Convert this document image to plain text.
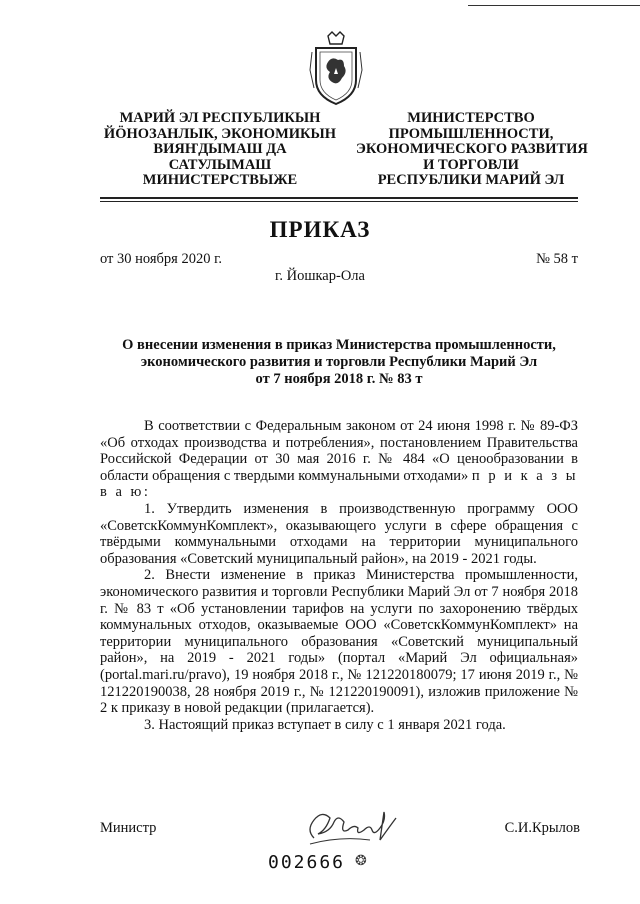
МАРИЙ ЭЛ РЕСПУБЛИКЫН
ЙӦНОЗАНЛЫК, ЭКОНОМИКЫН
ВИЯҤДЫМАШ ДА
САТУЛЫМАШ
МИНИСТЕРСТВЫЖЕ
МИНИСТЕРСТВО
ПРОМЫШЛЕННОСТИ,
ЭКОНОМИЧЕСКОГО РАЗВИТИЯ
И ТОРГОВЛИ
РЕСПУБЛИКИ МАРИЙ ЭЛ
ПРИКАЗ
от 30 ноября 2020 г.	№ 58 т
г. Йошкар-Ола
О внесении изменения в приказ Министерства промышленности,
экономического развития и торговли Республики Марий Эл
от 7 ноября 2018 г. № 83 т

В соответствии с Федеральным законом от 24 июня 1998 г. № 89-ФЗ «Об отходах производства и потребления», постановлением Правительства Российской Федерации от 30 мая 2016 г. № 484 «О ценообразовании в области обращения с твердыми коммунальными отходами» п р и к а з ы в а ю:

1. Утвердить изменения в производственную программу ООО «СоветскКоммунКомплект», оказывающего услуги в сфере обращения с твёрдыми коммунальными отходами на территории муниципального образования «Советский муниципальный район», на 2019 - 2021 годы.

2. Внести изменение в приказ Министерства промышленности, экономического развития и торговли Республики Марий Эл от 7 ноября 2018 г. № 83 т «Об установлении тарифов на услуги по захоронению твёрдых коммунальных отходов, оказываемые ООО «СоветскКоммунКомплект» на территории муниципального образования «Советский муниципальный район», на 2019 - 2021 годы» (портал «Марий Эл официальная» (portal.mari.ru/pravo), 19 ноября 2018 г., № 121220180079; 17 июня 2019 г., № 121220190038, 28 ноября 2019 г., № 121220190091), изложив приложение № 2 к приказу в новой редакции (прилагается).

3. Настоящий приказ вступает в силу с 1 января 2021 года.

Министр	С.И.Крылов
002666 ❂
